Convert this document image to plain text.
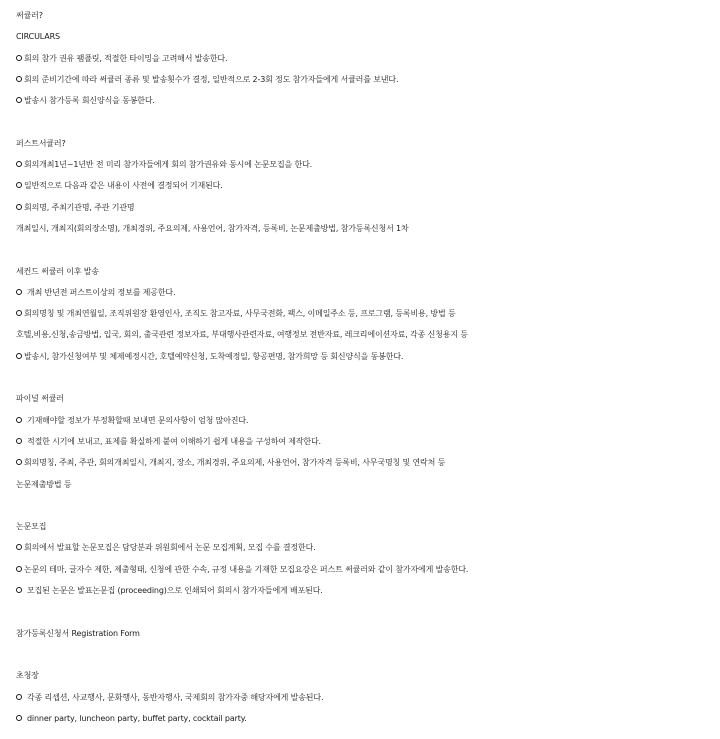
써큘러?
CIRCULARS
회의 참가 권유 팸플릿, 적절한 타이밍을 고려해서 발송한다.
회의 준비기간에 따라 써큘러 종류 및 발송횟수가 결정, 일반적으로 2-3회 정도 참가자들에게 서큘러를 보낸다.
발송시 참가등록 회신양식을 동봉한다.
퍼스트서큘러?
회의개최1년~1년반 전 미리 참가자들에게 회의 참가권유와 동시에 논문모집을 한다.
일반적으로 다음과 같은 내용이 사전에 결정되어 기재된다.
회의명, 주최기관명, 주관 기관명
개최일시, 개최지(회의장소명), 개최경위, 주요의제, 사용언어, 참가자격, 등록비, 논문제출방법, 참가등록신청서 1차
세컨드 써큘러 이후 발송
개최 반년전 퍼스트이상의 정보를 제공한다.
회의명칭 및 개최연월일, 조직위원장 환영인사, 조직도 참고자료, 사무국전화, 팩스, 이메일주소 등, 프로그램, 등록비용, 방법 등
호텔,비용,신청,송금방법, 입국, 회의, 출국관련 정보자료, 부대행사관련자료, 여행정보 전반자료, 레크리에이션자료, 각종 신청용지 등
발송시, 참가신청여부 및 체제예정시간, 호텔예약신청, 도착예정일, 항공편명, 참가희망 등 회신양식을 동봉한다.
파이널 써큘러
기재해야할 정보가 부정확할때 보내면 문의사항이 엄청 많아진다.
적절한 시기에 보내고, 표제를 확실하게 붙여 이해하기 쉽게 내용을 구성하여 제작한다.
회의명칭, 주최, 주관, 회의개최일시, 개최지, 장소, 개최경위, 주요의제, 사용언어, 참가자격 등록비, 사무국명칭 및 연락처 등
논문제출방법 등
논문모집
회의에서 발표할 논문모집은 담당분과 위원회에서 논문 모집계획, 모집 수를 결정한다.
논문의 테마, 글자수 제한, 제출형태, 신청에 관한 수속, 규정 내용을 기재한 모집요강은 퍼스트 써큘러와 같이 참가자에게 발송한다.
모집된 논문은 발표논문집 (proceeding)으로 인쇄되어 회의시 참가자들에게 배포된다.
참가등록신청서 Registration Form
초청장
각종 리셉션, 사교행사, 문화행사, 동반자행사, 국제회의 참가자중 해당자에게 발송된다.
dinner party, luncheon party, buffet party, cocktail party.
